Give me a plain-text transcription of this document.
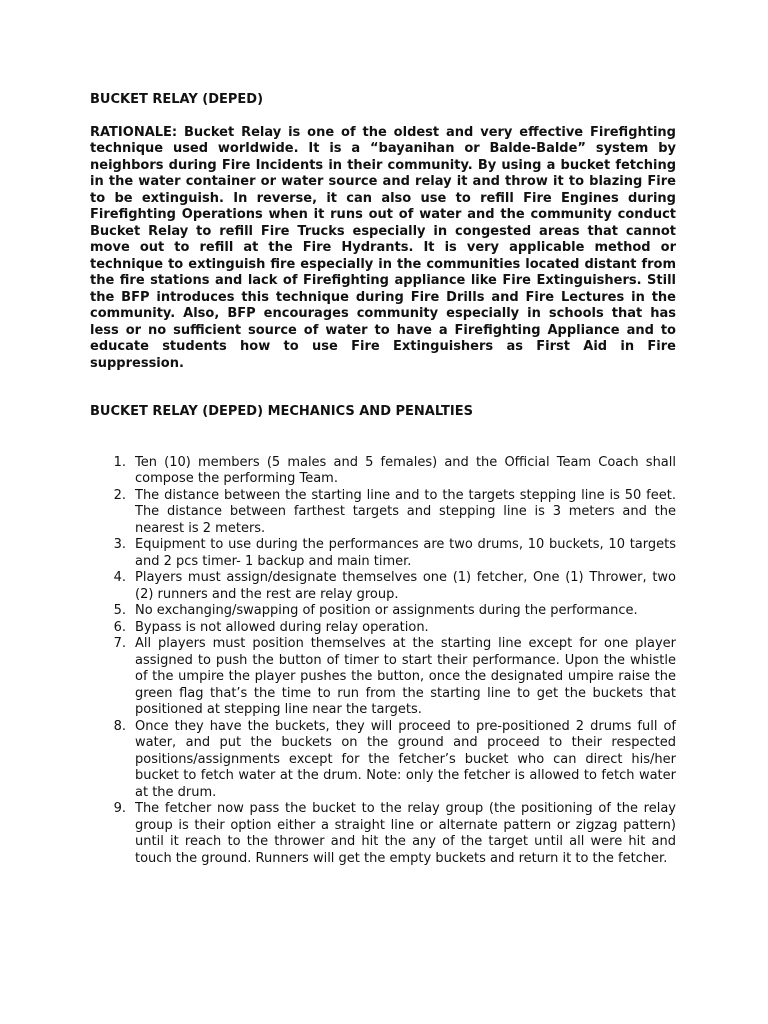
BUCKET RELAY (DEPED)

RATIONALE: Bucket Relay is one of the oldest and very effective Firefighting technique used worldwide. It is a “bayanihan or Balde-Balde” system by neighbors during Fire Incidents in their community. By using a bucket fetching in the water container or water source and relay it and throw it to blazing Fire to be extinguish. In reverse, it can also use to refill Fire Engines during Firefighting Operations when it runs out of water and the community conduct Bucket Relay to refill Fire Trucks especially in congested areas that cannot move out to refill at the Fire Hydrants. It is very applicable method or technique to extinguish fire especially in the communities located distant from the fire stations and lack of Firefighting appliance like Fire Extinguishers. Still the BFP introduces this technique during Fire Drills and Fire Lectures in the community. Also, BFP encourages community especially in schools that has less or no sufficient source of water to have a Firefighting Appliance and to educate students how to use Fire Extinguishers as First Aid in Fire suppression.

BUCKET RELAY (DEPED) MECHANICS AND PENALTIES

1. Ten (10) members (5 males and 5 females) and the Official Team Coach shall compose the performing Team.
2. The distance between the starting line and to the targets stepping line is 50 feet. The distance between farthest targets and stepping line is 3 meters and the nearest is 2 meters.
3. Equipment to use during the performances are two drums, 10 buckets, 10 targets and 2 pcs timer- 1 backup and main timer.
4. Players must assign/designate themselves one (1) fetcher, One (1) Thrower, two (2) runners and the rest are relay group.
5. No exchanging/swapping of position or assignments during the performance.
6. Bypass is not allowed during relay operation.
7. All players must position themselves at the starting line except for one player assigned to push the button of timer to start their performance. Upon the whistle of the umpire the player pushes the button, once the designated umpire raise the green flag that’s the time to run from the starting line to get the buckets that positioned at stepping line near the targets.
8. Once they have the buckets, they will proceed to pre-positioned 2 drums full of water, and put the buckets on the ground and proceed to their respected positions/assignments except for the fetcher’s bucket who can direct his/her bucket to fetch water at the drum. Note: only the fetcher is allowed to fetch water at the drum.
9. The fetcher now pass the bucket to the relay group (the positioning of the relay group is their option either a straight line or alternate pattern or zigzag pattern) until it reach to the thrower and hit the any of the target until all were hit and touch the ground. Runners will get the empty buckets and return it to the fetcher.
